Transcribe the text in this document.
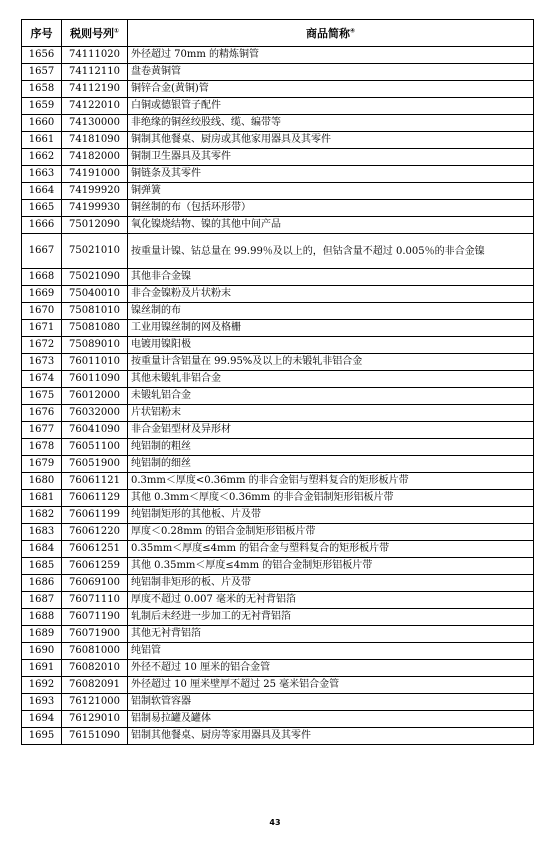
序号	税则号列①	商品简称④
1656	74111020	外径超过 70mm 的精炼铜管
1657	74112110	盘卷黄铜管
1658	74112190	铜锌合金(黄铜)管
1659	74122010	白铜或德银管子配件
1660	74130000	非绝缘的铜丝绞股线、缆、编带等
1661	74181090	铜制其他餐桌、厨房或其他家用器具及其零件
1662	74182000	铜制卫生器具及其零件
1663	74191000	铜链条及其零件
1664	74199920	铜弹簧
1665	74199930	铜丝制的布（包括环形带）
1666	75012090	氧化镍烧结物、镍的其他中间产品
1667	75021010	按重量计镍、钴总量在 99.99％及以上的，但钴含量不超过 0.005％的非合金镍
1668	75021090	其他非合金镍
1669	75040010	非合金镍粉及片状粉末
1670	75081010	镍丝制的布
1671	75081080	工业用镍丝制的网及格栅
1672	75089010	电镀用镍阳极
1673	76011010	按重量计含铝量在 99.95%及以上的未锻轧非铝合金
1674	76011090	其他未锻轧非铝合金
1675	76012000	未锻轧铝合金
1676	76032000	片状铝粉末
1677	76041090	非合金铝型材及异形材
1678	76051100	纯铝制的粗丝
1679	76051900	纯铝制的细丝
1680	76061121	0.3mm＜厚度<0.36mm 的非合金铝与塑料复合的矩形板片带
1681	76061129	其他 0.3mm＜厚度＜0.36mm 的非合金铝制矩形铝板片带
1682	76061199	纯铝制矩形的其他板、片及带
1683	76061220	厚度＜0.28mm 的铝合金制矩形铝板片带
1684	76061251	0.35mm＜厚度≤4mm 的铝合金与塑料复合的矩形板片带
1685	76061259	其他 0.35mm＜厚度≤4mm 的铝合金制矩形铝板片带
1686	76069100	纯铝制非矩形的板、片及带
1687	76071110	厚度不超过 0.007 毫米的无衬背铝箔
1688	76071190	轧制后未经进一步加工的无衬背铝箔
1689	76071900	其他无衬背铝箔
1690	76081000	纯铝管
1691	76082010	外径不超过 10 厘米的铝合金管
1692	76082091	外径超过 10 厘米壁厚不超过 25 毫米铝合金管
1693	76121000	铝制软管容器
1694	76129010	铝制易拉罐及罐体
1695	76151090	铝制其他餐桌、厨房等家用器具及其零件
43
